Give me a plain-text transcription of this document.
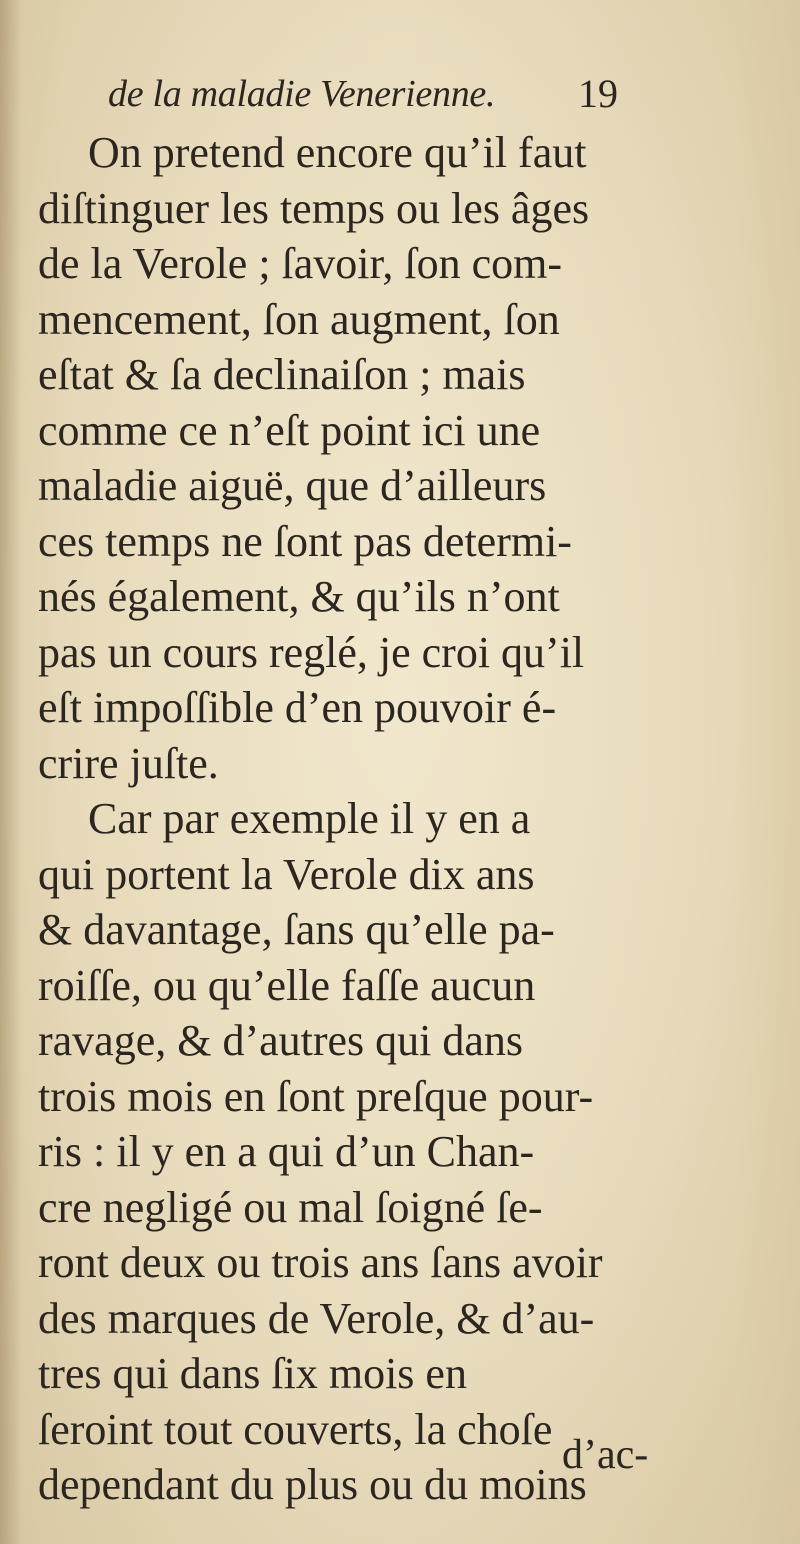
de la maladie Venerienne. 19
On pretend encore qu’il faut
diſtinguer les temps ou les âges
de la Verole ; ſavoir, ſon com-
mencement, ſon augment, ſon
eſtat & ſa declinaiſon ; mais
comme ce n’eſt point ici une
maladie aiguë, que d’ailleurs
ces temps ne ſont pas determi-
nés également, & qu’ils n’ont
pas un cours reglé, je croi qu’il
eſt impoſſible d’en pouvoir é-
crire juſte.
Car par exemple il y en a
qui portent la Verole dix ans
& davantage, ſans qu’elle pa-
roiſſe, ou qu’elle faſſe aucun
ravage, & d’autres qui dans
trois mois en ſont preſque pour-
ris : il y en a qui d’un Chan-
cre negligé ou mal ſoigné ſe-
ront deux ou trois ans ſans avoir
des marques de Verole, & d’au-
tres qui dans ſix mois en
ſeroint tout couverts, la choſe
dependant du plus ou du moins
d’ac-
